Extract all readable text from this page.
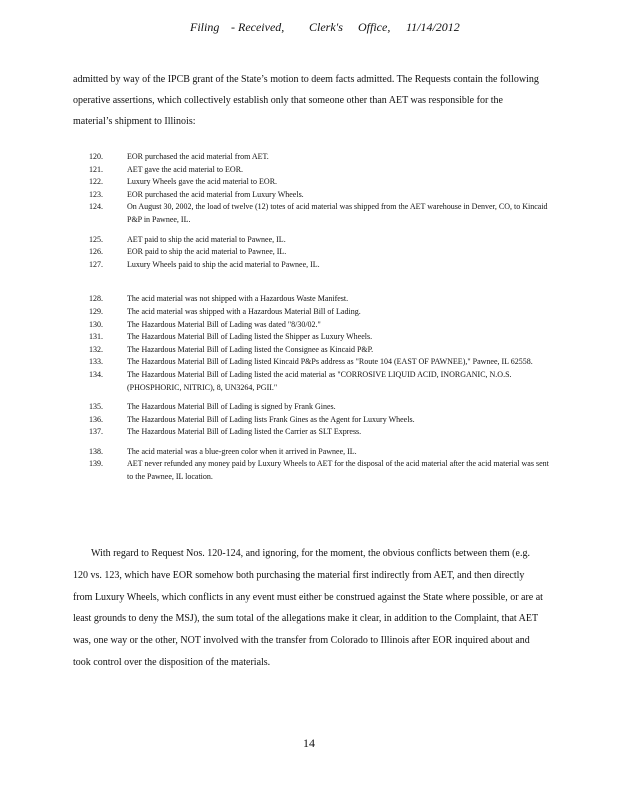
Filing - Received, Clerk's Office, 11/14/2012

admitted by way of the IPCB grant of the State’s motion to deem facts admitted. The Requests contain the following operative assertions, which collectively establish only that someone other than AET was responsible for the material’s shipment to Illinois:

120.	EOR purchased the acid material from AET.
121.	AET gave the acid material to EOR.
122.	Luxury Wheels gave the acid material to EOR.
123.	EOR purchased the acid material from Luxury Wheels.
124.	On August 30, 2002, the load of twelve (12) totes of acid material was shipped from the AET warehouse in Denver, CO, to Kincaid P&P in Pawnee, IL.
125.	AET paid to ship the acid material to Pawnee, IL.
126.	EOR paid to ship the acid material to Pawnee, IL.
127.	Luxury Wheels paid to ship the acid material to Pawnee, IL.
128.	The acid material was not shipped with a Hazardous Waste Manifest.
129.	The acid material was shipped with a Hazardous Material Bill of Lading.
130.	The Hazardous Material Bill of Lading was dated "8/30/02."
131.	The Hazardous Material Bill of Lading listed the Shipper as Luxury Wheels.
132.	The Hazardous Material Bill of Lading listed the Consignee as Kincaid P&P.
133.	The Hazardous Material Bill of Lading listed Kincaid P&Ps address as "Route 104 (EAST OF PAWNEE)," Pawnee, IL 62558.
134.	The Hazardous Material Bill of Lading listed the acid material as "CORROSIVE LIQUID ACID, INORGANIC, N.O.S. (PHOSPHORIC, NITRIC), 8, UN3264, PGII."
135.	The Hazardous Material Bill of Lading is signed by Frank Gines.
136.	The Hazardous Material Bill of Lading lists Frank Gines as the Agent for Luxury Wheels.
137.	The Hazardous Material Bill of Lading listed the Carrier as SLT Express.
138.	The acid material was a blue-green color when it arrived in Pawnee, IL.
139.	AET never refunded any money paid by Luxury Wheels to AET for the disposal of the acid material after the acid material was sent to the Pawnee, IL location.

With regard to Request Nos. 120-124, and ignoring, for the moment, the obvious conflicts between them (e.g. 120 vs. 123, which have EOR somehow both purchasing the material first indirectly from AET, and then directly from Luxury Wheels, which conflicts in any event must either be construed against the State where possible, or are at least grounds to deny the MSJ), the sum total of the allegations make it clear, in addition to the Complaint, that AET was, one way or the other, NOT involved with the transfer from Colorado to Illinois after EOR inquired about and took control over the disposition of the materials.

14
